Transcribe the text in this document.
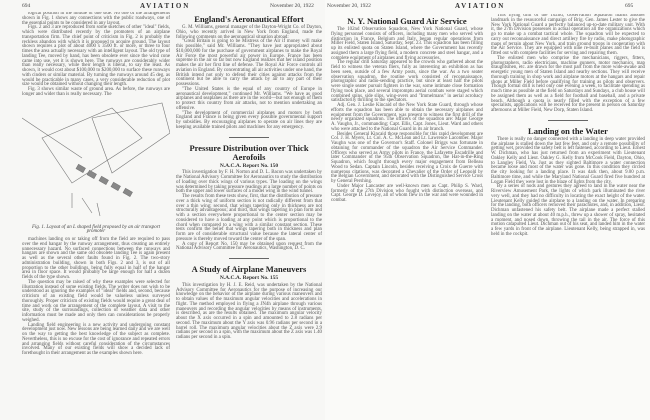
694	AVIATION	November 20, 1922

logical position in the middle of one side. No one of the arrangements shown in Fig. 1 shows any connections with the public roadways, one of the essential points to be considered in any layout.

Figs. 2 and 3 are reproduced from some sketches of other "ideal" fields, which were distributed recently by the promoters of an airplane transportation firm. The chief point of criticism in Fig. 2 is probably the reckless abandon with which it is proposed to acquire ground. The layout shown requires a plot of about 4000 x 3500 ft. or more, or three to four times the area actually necessary with an intelligent layout. The old type of landing Tee, moved by hand, has been obsolete ever since the wind cone came into use, yet it is shown here. The runways are considerably wider than really necessary, while their length is liberal, to say the least. As shown, it would cost about $100,000 to $200,000 to surface these runways with cinders or similar material. By turning the runways around 45 deg. as would be practicable in many cases, a very considerable reduction of plot size would be obtained without changing their length.

Fig. 3 shows similar waste of ground area. As before, the runways are longer and wider than is really necessary. The

Fig. 1. Layout of an L shaped field proposed by an air transport promoter

machines landing on or taking off from the field are required to pass over the end hangar by the runway arrangement, thus creating an entirely unnecessary hazard. No surfaced connections between the runways and hangars are shown and the same old obsolete landing Tee is again present as well as the several other faults found in Fig. 2. The two-story administration building, shown in both Figs. 2 and 3, is out of all proportion to the other buildings, being fully equal in half of the hangar area in floor space. It would probably be large enough for half a dozen fields of the type shown.

The question may be raised of why these examples were selected for illustration instead of some existing fields. The writer does not wish to be understood as ignoring the examples of "ideal" fields and, second, because criticism of an existing field would be valueless unless surveyed thoroughly. Proper criticism of existing fields would require a great deal of time and work on the arrangement of the complete layout. A visit to the site, study of the surroundings, collection of weather data and other information must be made and only then can considerations be properly weighed.

Landing field engineering is a new activity and undergoing constant development just now. New lessons are being learned daily and we are well on the way to getting the best knowledge of the subject as complete. Nevertheless, this is no excuse for the cost of ignorance and repeated errors and arranging fields without careful consideration of the circumstances involved. Many of our existing fields will show a decided lack of forethought in their arrangement as the examples shown here.

England's Aeronautical Effort

G. M. Williams, general manager of the Dayton-Wright Co. of Dayton, Ohio, who recently arrived in New York from England, made the following comments on the aeronautical situation abroad:

"Great Britain is going to be Mistress of the Air if money will make this possible," said Mr. Williams. "They have just appropriated about $10,000,000 for the purchase of government airplanes to make the Royal Air Force the most powerful air power in Europe. France has been supreme in the air so far but now England realizes that her island position makes the air her first line of defense. The Royal Air Force controls all aviation in England. By concentrating all air activities under one hand, the British intend not only to defend their cities against attacks from the continent but be able to carry the attack by air to any part of their possessions.

"The United States is the equal of any country of Europe in aeronautical development," continued Mr. Williams. "We have as good airplanes and seaplanes as there are in the world—but not enough of them to protect this country from air attacks, not to mention undertaking an offensive.

"The development of commercial airplanes and motors by both England and France is being given every possible governmental support by subsidies. By encouraging airplanes to operate on air lines they are keeping available trained pilots and machines for any emergency.

Pressure Distribution over Thick Aerofoils
N.A.C.A. Report No. 150

This investigation by F. H. Norton and D. L. Bacon was undertaken by the National Advisory Committee for Aeronautics to study the distribution of loading over thick wings of various types. The loading on the wings was determined by taking pressure readings at a large number of points on both the upper and lower surfaces of a model wing in the wind tunnel.

The results from these tests show, first, that the distribution of pressure over a thick wing of uniform section is not radically different from that over a thin wing; second, that wings tapering only in thickness are not structurally advantageous; and third, that wings tapering in plan form and with a section everywhere proportional to the center section may be considered to have a loading at any point which is proportional to the chord when compared to a wing with a similar constant section. These tests confirm the belief that wings tapering both in thickness and plan form are of considerable structural value because the lateral center of pressure is thereby moved toward the center of the span.

A copy of Report No. 150 may be obtained upon request from the National Advisory Committee for Aeronautics, Washington, D. C.

A Study of Airplane Maneuvers
N.A.C.A. Report No. 155

This investigation by H. J. E. Reid, was undertaken by the National Advisory Committee for Aeronautics for the purpose of increasing our knowledge on the behavior of the airplane during various maneuvers and to obtain values of the maximum angular velocities and accelerations in flight. The method employed in flying a JN4h airplane through various maneuvers and recording the angular velocities by means of instruments, is described, as are the results obtained. The maximum angular velocity about the X axis occurred in a spin and amounted to 2.8 radians per second. The maximum about the Y axis was 0.96 radians per second in a barrel roll. The maximum angular velocities about the Z axis were 2.9 radians per second in a spin, with the maximum about the Z axis was 1.40 radians per second in a spin.

November 20, 1922	AVIATION	695
N. Y. National Guard Air Service

The 102nd Observation Squadron, New York National Guard, whose flying personnel consists of officers, including many men who served with distinction in France, Belgium and Italy, began regular operations from Miller Field, Staten Island, Saturday, Sept. 23. This squadron has been filling up its enlisted quota on Staten Island, where the Government has recently assigned them a large flying field, a modern concrete and steel hangar, and a complete equipment of airplanes and flying accessories.

The regular drill Saturday appeared to the crowds who gathered about the field to witness the veteran fliers, fully as interesting an exhibition as has been seen, outside of a few Army posts, since the war. As a two seater observation squadron, the routine work consisted of reconnaissance, photographic and radio-sending practice, but since at least half the pilots were single seater pursuit fighters in the war, some intimate close formation flying took place, and several impromptu aerial combats were staged which combined spins, side slips, wing-overs and "Immelmans" in aerial acrobacy satisfactorily thrilling to the spectators.

Adj. Gen. J. Leslie Kincaid of the New York State Guard, through whose efforts the squadron has been able to obtain the necessary airplanes and equipment from the Government, was present to witness the first drill of the newly organized squadron. The officers of the squadron are: Major George A. Vaughn, Jr., commanding; Capt. Ellis, Capt. Jones, Lieut. Ward and others who were attached to the National Guard in its air branch.

Besides General Kincaid those responsible for this rapid development are Col. J. H. Myers, Lt. Col. A. C. McLean and Lt. Lawrence Lacomber. Major Vaughn was one of the Governor's Staff. Colonel Briggs was fortunate in obtaining for commander of the squadron the Air Service Commander. Officers who served as Army pilots in France, the Lafayette Escadrille and later Commander of the 95th Observation Squadron, the Hat-in-the-Ring Squadron, which fought through every major engagement from Belleau Wood to Sedan. Captain Lincoln, besides receiving a Croix de Guerre with numerous citations, was decorated a Chevalier of the Order of Leopold by the Belgian Government, and decorated with the Distinguished Service Cross by General Pershing.

Under Major Lancaster are well-known men as Capt. Philip S. Ward, formerly of the 27th Division who fought with distinction overseas, and Capt. George D. Lovejoy, all of whom flew in the war and were wounded in combat.

This flying drill of the 102nd, Observation Squadron marks another landmark in the resourceful campaign of Brig. Gen. James Lester to give the New York National Guard a perfectly balanced up-to-date military unit. With it, the 27th Division possesses in actual operation all the organizations which go to make up a combat tactical whole. The squadron will be expected to carry out reconnaissance and direct artillery fire by radio, make photographic maps of terrain about New York, and train ground troops in cooperation with the Air Service. They are equipped with nine re-built planes and the field is fitted out with complete facilities for serving and repairing them.

The enlisted men who comprise the mechanicians, riggers, fitters, photographers, radio electricians, machine gunners, motor mechanics, map draughtsmen, etc. are drawn for the most part from the more wide-awake and energetic young men of Staten Island and nearby sections. They will receive thorough training in shop work and airplane motors at the hangars and repair shops at Miller Field before qualifying for training as pilots and observers. Though formal drill is held only one evening a week, to facilitate spending as much time as possible at the field on Saturdays and Sundays, a club house will be assigned them as well as a field for football and baseball, and a private beach. Although a quota is nearly filled with the exception of a few specialists, applications will be received for the present in person on Saturday afternoons at Miller Field, New Dorp, Staten Island.

Landing on the Water

There is really no danger connected with a landing in deep water provided the airplane is stalled down the last few feet, and only a remote possibility of getting wet, provided the safety belt is left fastened, according to Lieut. Ernest W. Dichman, who has just returned from an experiment with Lieutenant Oakley Kelly and Lieut. Oakley G. Kelly from McCook Field, Dayton, Ohio, to Langley Field, Va. Just as they sighted Baltimore a water connection became loose and most of the water was gone. In this condition they circled the city looking for a landing place. It was dark then, about 9.00 p.m. Baltimore time, and while the Maryland National Guard fired five hundred at Logan Field they were lost in the blaze of lights from the city.

By a series of nods and gestures they agreed to land in the water near the Riverview Amusement Park, the lights of which park illuminated the river very well, and they had no difficulty in locating the exact height of the water. Lieutenant Kelly guided the airplane to a landing on the water. In preparing for the landing, both officers removed their parachutes, and, in addition, Lieut. Dichman unfastened his safety belt. The airplane made a perfect stalled landing on the water at about 40 m.p.h., threw up a shower of spray, hesitated a moment, and nosed down, throwing the tail in the air. The force of this motion catapulted Lieut. Dichman out of his seat, and landed him in the water a few yards in front of the airplane. Lieutenant Kelly, being strapped in, was held in the cockpit.
